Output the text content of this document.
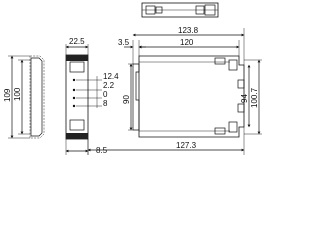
109 100
22.5
12.4
2.2
0
8
8.5
3.5
123.8
120
90	94 100.7
127.3
